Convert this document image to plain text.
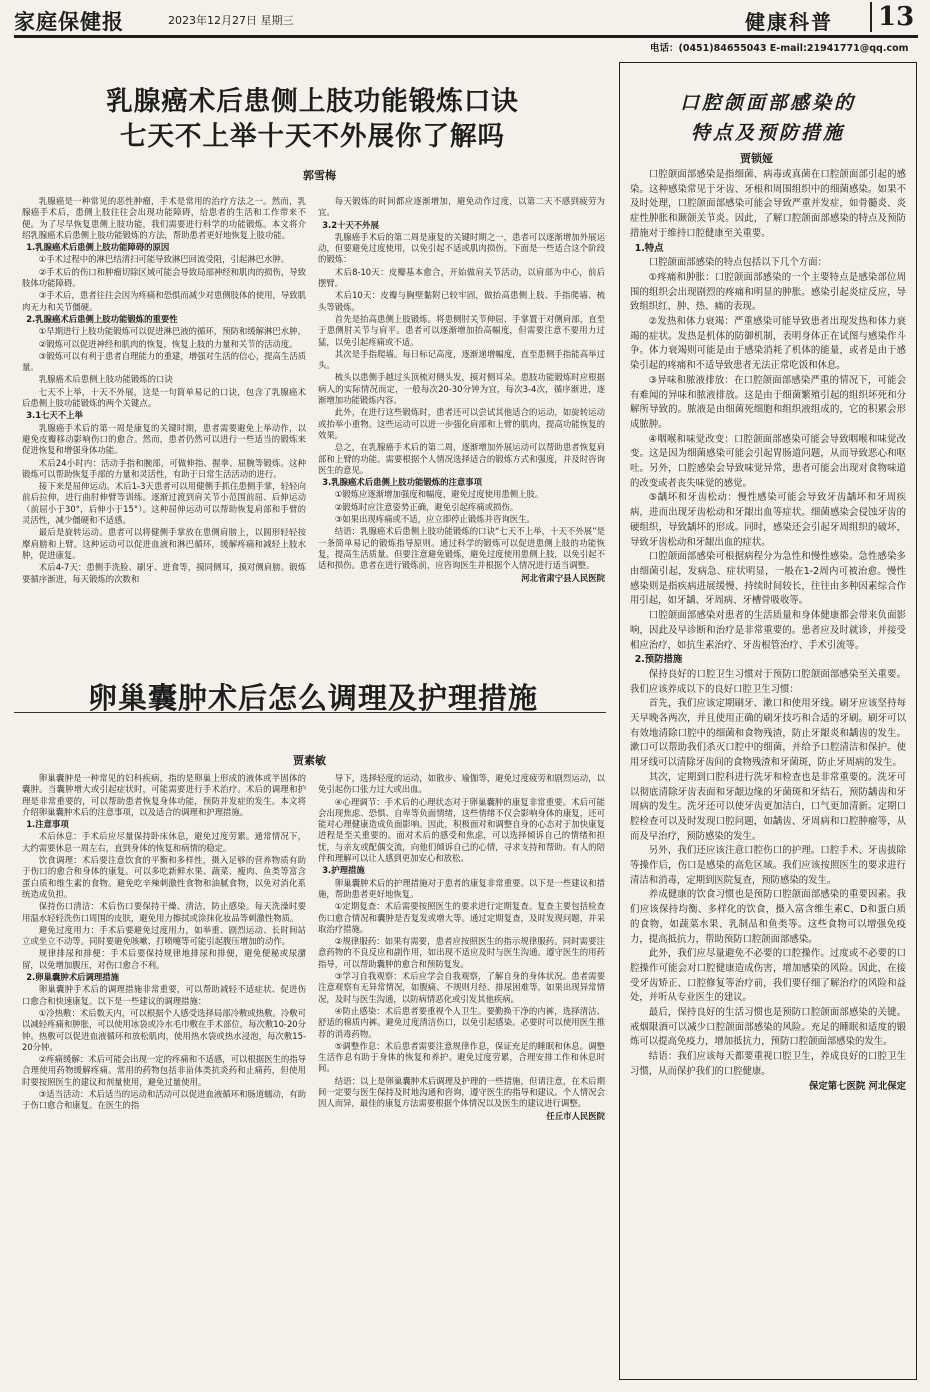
家庭保健报	2023年12月27日 星期三	健康科普	13
电话：(0451)84655043 E-mail:21941771@qq.com
乳腺癌术后患侧上肢功能锻炼口诀
七天不上举十天不外展你了解吗
郭雪梅

乳腺癌是一种常见的恶性肿瘤，手术是常用的治疗方法之一。然而，乳腺癌手术后，患侧上肢往往会出现功能障碍，给患者的生活和工作带来不便。为了尽早恢复患侧上肢功能，我们需要进行科学的功能锻炼。本文将介绍乳腺癌术后患侧上肢功能锻炼的方法，帮助患者更好地恢复上肢功能。

1.乳腺癌术后患侧上肢功能障碍的原因

①手术过程中的淋巴结清扫可能导致淋巴回流受阻，引起淋巴水肿。

②手术后的伤口和肿瘤切除区域可能会导致局部神经和肌肉的损伤，导致肢体功能障碍。

③手术后，患者往往会因为疼痛和恐惧而减少对患侧肢体的使用，导致肌肉无力和关节僵硬。

2.乳腺癌术后患侧上肢功能锻炼的重要性

①早期进行上肢功能锻炼可以促进淋巴液的循环，预防和缓解淋巴水肿。

②锻炼可以促进神经和肌肉的恢复，恢复上肢的力量和关节的活动度。

③锻炼可以有利于患者自理能力的重建，增强对生活的信心，提高生活质量。

乳腺癌术后患侧上肢功能锻炼的口诀

七天不上举，十天不外展，这是一句简单易记的口诀，包含了乳腺癌术后患侧上肢功能锻炼的两个关键点。

3.1七天不上举

乳腺癌手术后的第一周是康复的关键时期，患者需要避免上举动作，以避免皮瓣移动影响伤口的愈合。然而，患者仍然可以进行一些适当的锻炼来促进恢复和增强身体功能。

术后24小时内：活动手指和腕部，可做伸指、握拳、屈腕等锻炼。这种锻炼可以帮助恢复手部的力量和灵活性，有助于日常生活活动的进行。

接下来是屈伸运动。术后1-3天患者可以用健侧手抓住患侧手掌，轻轻向前后拉伸，进行曲肘伸臂等训练。逐渐过渡到肩关节小范围前屈、后伸运动（前屈小于30°，后伸小于15°）。这种屈伸运动可以帮助恢复肩部和手臂的灵活性，减少僵硬和不适感。

最后是旋转运动。患者可以将健侧手掌放在患侧肩膀上，以圆形轻轻按摩肩膀和上臂。这种运动可以促进血液和淋巴循环，缓解疼痛和减轻上肢水肿，促进康复。

术后4-7天：患侧手洗脸、刷牙、进食等，摸同侧耳，摸对侧肩膀。锻炼要循序渐进，每天锻炼的次数和

每天锻炼的时间都应逐渐增加，避免动作过度，以第二天不感到疲劳为宜。

3.2十天不外展

乳腺癌手术后的第二周是康复的关键时期之一，患者可以逐渐增加外展运动，但要避免过度使用，以免引起不适或肌肉损伤。下面是一些适合这个阶段的锻炼：

术后8-10天：皮瓣基本愈合，开始做肩关节活动，以肩部为中心，前后摆臂。

术后10天：皮瓣与胸壁黏附已较牢固，做抬高患侧上肢、手指爬墙、梳头等锻炼。

首先是抬高患侧上肢锻炼。将患侧肘关节伸屈、手掌置于对侧肩部，直至于患侧肘关节与肩平。患者可以逐渐增加抬高幅度，但需要注意不要用力过猛，以免引起疼痛或不适。

其次是手指爬墙。每日标记高度，逐渐递增幅度，直至患侧手指能高举过头。

梳头以患侧手越过头顶梳对侧头发，摸对侧耳朵。患肢功能锻炼时应根据病人的实际情况而定，一般每次20-30分钟为宜，每次3-4次，循序渐进，逐渐增加功能锻炼内容。

此外，在进行这些锻炼时，患者还可以尝试其他适合的运动，如旋转运动或抬举小重物。这些运动可以进一步强化肩部和上臂的肌肉，提高功能恢复的效果。

总之，在乳腺癌手术后的第二周，逐渐增加外展运动可以帮助患者恢复肩部和上臂的功能。需要根据个人情况选择适合的锻炼方式和强度，并及时咨询医生的意见。

3.乳腺癌术后患侧上肢功能锻炼的注意事项

①锻炼应逐渐增加强度和幅度，避免过度使用患侧上肢。

②锻炼时应注意姿势正确，避免引起疼痛或损伤。

③如果出现疼痛或不适，应立即停止锻炼并咨询医生。

结语：乳腺癌术后患侧上肢功能锻炼的口诀“七天不上举，十天不外展”是一条简单易记的锻炼指导原则。通过科学的锻炼可以促进患侧上肢的功能恢复，提高生活质量。但要注意避免锻炼，避免过度使用患侧上肢，以免引起不适和损伤。患者在进行锻炼前，应咨询医生并根据个人情况进行适当调整。

河北省肃宁县人民医院

卵巢囊肿术后怎么调理及护理措施
贾素敏

卵巢囊肿是一种常见的妇科疾病，指的是卵巢上形成的液体或半固体的囊肿。当囊肿增大或引起症状时，可能需要进行手术治疗。术后的调理和护理是非常重要的，可以帮助患者恢复身体功能，预防并发症的发生。本文将介绍卵巢囊肿术后的注意事项，以及适合的调理和护理措施。

1.注意事项

术后休息：手术后应尽量保持卧床休息，避免过度劳累。通常情况下，大约需要休息一周左右，直到身体的恢复和病情的稳定。

饮食调理：术后要注意饮食的平衡和多样性，摄入足够的营养物质有助于伤口的愈合和身体的康复。可以多吃新鲜水果、蔬菜、瘦肉、鱼类等富含蛋白质和维生素的食物。避免吃辛辣刺激性食物和油腻食物，以免对消化系统造成负担。

保持伤口清洁：术后伤口要保持干燥、清洁，防止感染。每天洗澡时要用温水轻轻洗伤口周围的皮肤，避免用力擦拭或涂抹化妆品等刺激性物质。

避免过度用力：手术后要避免过度用力，如举重、剧烈运动、长时间站立或坐立不动等。同时要避免咳嗽、打喷嚏等可能引起腹压增加的动作。

规律排尿和排便：手术后要保持规律地排尿和排便，避免便秘或尿潴留，以免增加腹压，对伤口愈合不利。

2.卵巢囊肿术后调理措施

卵巢囊肿手术后的调理措施非常重要，可以帮助减轻不适症状、促进伤口愈合和快速康复。以下是一些建议的调理措施：

①冷热敷：术后数天内，可以根据个人感受选择局部冷敷或热敷。冷敷可以减轻疼痛和肿胀，可以使用冰袋或冷水毛巾敷在手术部位，每次敷10-20分钟。热敷可以促进血液循环和放松肌肉，使用热水袋或热水浸泡，每次敷15-20分钟。

②疼痛缓解：术后可能会出现一定的疼痛和不适感，可以根据医生的指导合理使用药物缓解疼痛。常用的药物包括非甾体类抗炎药和止痛药，但使用时要按照医生的建议和剂量使用，避免过量使用。

③适当活动：术后适当的运动和活动可以促进血液循环和肠道蠕动，有助于伤口愈合和康复。在医生的指

导下，选择轻度的运动，如散步、瑜伽等，避免过度疲劳和剧烈运动，以免引起伤口张力过大或出血。

④心理调节：手术后的心理状态对于卵巢囊肿的康复非常重要。术后可能会出现焦虑、恐惧、自卑等负面情绪，这些情绪不仅会影响身体的康复，还可能对心理健康造成负面影响。因此，积极面对和调整自身的心态对于加快康复进程是至关重要的。面对术后的感受和焦虑，可以选择倾诉自己的情绪和担忧，与亲友或配偶交流，向他们倾诉自己的心情，寻求支持和帮助。有人的陪伴和理解可以让人感到更加安心和放松。

3.护理措施

卵巢囊肿术后的护理措施对于患者的康复非常重要。以下是一些建议和措施，帮助患者更好地恢复。

①定期复查：术后需要按照医生的要求进行定期复查。复查主要包括检查伤口愈合情况和囊肿是否复发或增大等。通过定期复查，及时发现问题，并采取治疗措施。

②规律服药：如果有需要，患者应按照医生的指示规律服药。同时需要注意药物的不良反应和副作用，如出现不适应及时与医生沟通。遵守医生的用药指导，可以帮助囊肿的愈合和预防复发。

③学习自我观察：术后应学会自我观察，了解自身的身体状况。患者需要注意观察有无异常情况，如腹痛、不规则月经、排尿困难等。如果出现异常情况，及时与医生沟通，以防病情恶化或引发其他疾病。

④防止感染：术后患者要重视个人卫生。要勤换干净的内裤，选择清洁、舒适的棉质内裤。避免过度清洁伤口，以免引起感染。必要时可以使用医生推荐的消毒药物。

⑤调整作息：术后患者需要注意规律作息，保证充足的睡眠和休息。调整生活作息有助于身体的恢复和养护。避免过度劳累，合理安排工作和休息时间。

结语：以上是卵巢囊肿术后调理及护理的一些措施，但请注意，在术后期间一定要与医生保持及时地沟通和咨询，遵守医生的指导和建议。个人情况会因人而异，最佳的康复方法需要根据个体情况以及医生的建议进行调整。

任丘市人民医院

口腔颌面部感染的
特点及预防措施
贾锁娅

口腔颌面部感染是指细菌、病毒或真菌在口腔颌面部引起的感染。这种感染常见于牙齿、牙根和周围组织中的细菌感染。如果不及时处理，口腔颌面部感染可能会导致严重并发症，如骨髓炎、炎症性肿胀和颞颌关节炎。因此，了解口腔颌面部感染的特点及预防措施对于维持口腔健康至关重要。

1.特点

口腔颌面部感染的特点包括以下几个方面：

①疼痛和肿胀：口腔颌面部感染的一个主要特点是感染部位周围的组织会出现剧烈的疼痛和明显的肿胀。感染引起炎症反应，导致组织红、肿、热、痛的表现。

②发热和体力衰竭：严重感染可能导致患者出现发热和体力衰竭的症状。发热是机体的防御机制，表明身体正在试图与感染作斗争。体力衰竭则可能是由于感染消耗了机体的能量，或者是由于感染引起的疼痛和不适导致患者无法正常吃饭和休息。

③异味和脓液排放：在口腔颌面部感染严重的情况下，可能会有难闻的异味和脓液排放。这是由于细菌繁殖引起的组织坏死和分解所导致的。脓液是由细菌死细胞和组织液组成的，它的积累会形成脓肿。

④咽喉和味觉改变：口腔颌面部感染可能会导致咽喉和味觉改变。这是因为细菌感染可能会引起胃肠道问题，从而导致恶心和呕吐。另外，口腔感染会导致味觉异常，患者可能会出现对食物味道的改变或者丧失味觉的感觉。

⑤龋坏和牙齿松动：慢性感染可能会导致牙齿龋坏和牙周疾病，进而出现牙齿松动和牙龈出血等症状。细菌感染会侵蚀牙齿的硬组织，导致龋坏的形成。同时，感染还会引起牙周组织的破坏，导致牙齿松动和牙龈出血的症状。

口腔颌面部感染可根据病程分为急性和慢性感染。急性感染多由细菌引起，发病急、症状明显，一般在1-2周内可被治愈。慢性感染则是指疾病进展缓慢、持续时间较长，往往由多种因素综合作用引起，如牙龋、牙周病、牙槽骨吸收等。

口腔颌面部感染对患者的生活质量和身体健康都会带来负面影响，因此及早诊断和治疗是非常重要的。患者应及时就诊，并接受相应治疗，如抗生素治疗、牙齿根管治疗、手术引流等。

2.预防措施

保持良好的口腔卫生习惯对于预防口腔颌面部感染至关重要。我们应该养成以下的良好口腔卫生习惯：

首先，我们应该定期刷牙、漱口和使用牙线。刷牙应该坚持每天早晚各两次，并且使用正确的刷牙技巧和合适的牙刷。刷牙可以有效地清除口腔中的细菌和食物残渣，防止牙龈炎和龋齿的发生。漱口可以帮助我们杀灭口腔中的细菌，并给予口腔清洁和保护。使用牙线可以清除牙齿间的食物残渣和牙菌斑，防止牙周病的发生。

其次，定期到口腔科进行洗牙和检查也是非常重要的。洗牙可以彻底清除牙齿表面和牙龈边缘的牙菌斑和牙结石，预防龋齿和牙周病的发生。洗牙还可以使牙齿更加洁白，口气更加清新。定期口腔检查可以及时发现口腔问题，如龋齿、牙周病和口腔肿瘤等，从而及早治疗，预防感染的发生。

另外，我们还应该注意口腔伤口的护理。口腔手术、牙齿拔除等操作后，伤口是感染的高危区域。我们应该按照医生的要求进行清洁和消毒，定期到医院复查，预防感染的发生。

养成健康的饮食习惯也是预防口腔颌面部感染的重要因素。我们应该保持均衡、多样化的饮食，摄入富含维生素C、D和蛋白质的食物，如蔬菜水果、乳制品和鱼类等。这些食物可以增强免疫力，提高抵抗力，帮助预防口腔颌面部感染。

此外，我们应尽量避免不必要的口腔操作。过度或不必要的口腔操作可能会对口腔健康造成伤害，增加感染的风险。因此，在接受牙齿矫正、口腔修复等治疗前，我们要仔细了解治疗的风险和益处，并听从专业医生的建议。

最后，保持良好的生活习惯也是预防口腔颌面部感染的关键。戒烟限酒可以减少口腔颌面部感染的风险。充足的睡眠和适度的锻炼可以提高免疫力，增加抵抗力，预防口腔颌面部感染的发生。

结语：我们应该每天都要重视口腔卫生，养成良好的口腔卫生习惯，从而保护我们的口腔健康。

保定第七医院 河北保定
